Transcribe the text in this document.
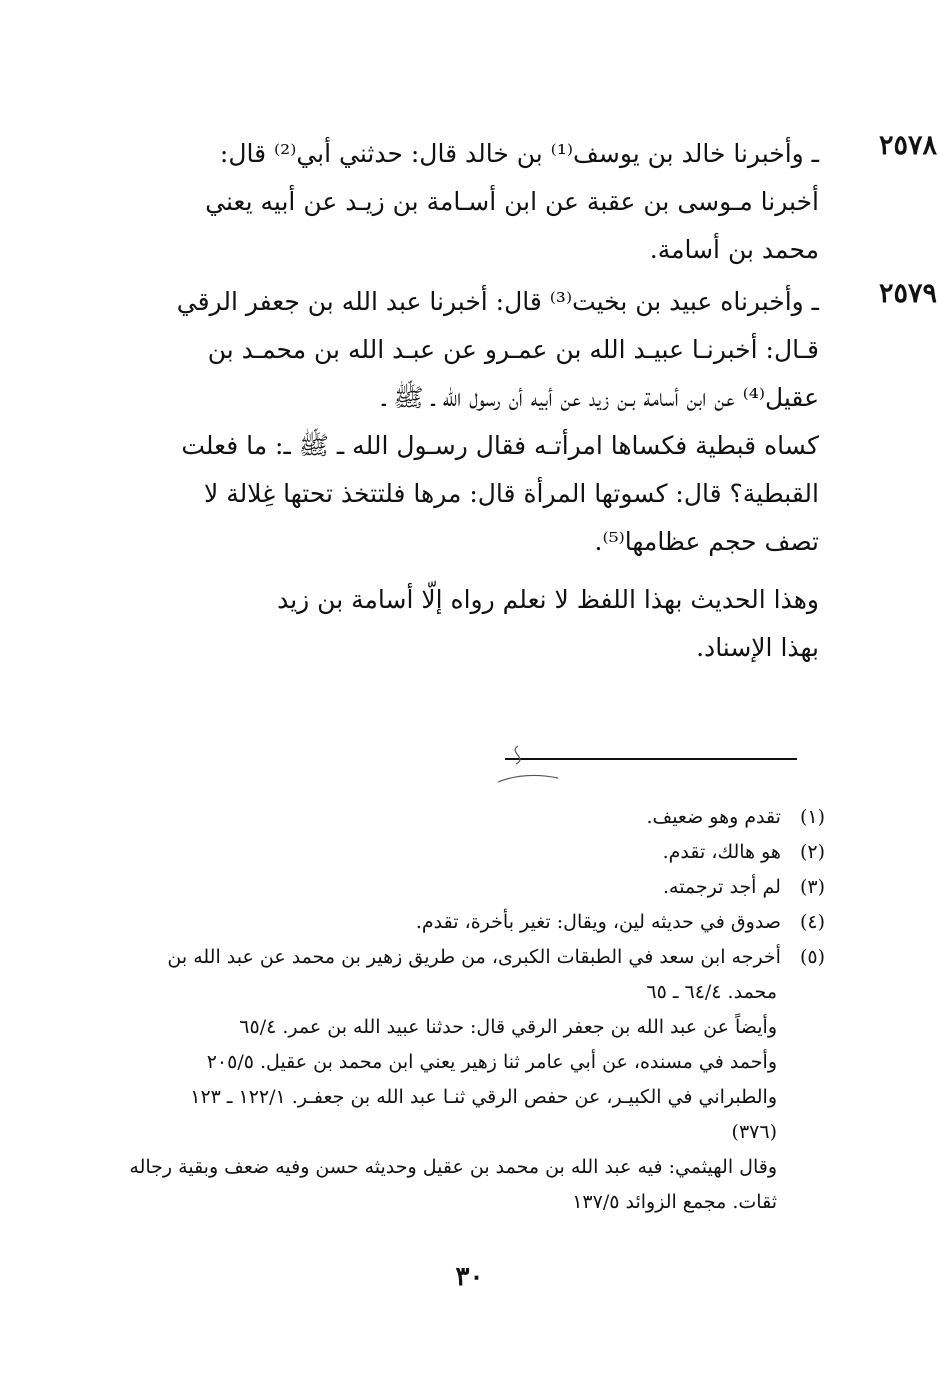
٢٥٧٨
ـ وأخبرنا خالد بن يوسف⁽¹⁾ بن خالد قال: حدثني أبي⁽²⁾ قال:
أخبرنا مـوسى بن عقبة عن ابن أسـامة بن زيـد عن أبيه يعني
محمد بن أسامة.
٢٥٧٩
ـ وأخبرناه عبيد بن بخيت⁽³⁾ قال: أخبرنا عبد الله بن جعفر الرقي
قـال: أخبرنـا عبيـد الله بن عمـرو عن عبـد الله بن محمـد بن
عقيل⁽⁴⁾ عن ابن أسامة بـن زيد عن أبيه أن رسول الله ـ ﷺ ـ
كساه قبطية فكساها امرأتـه فقال رسـول الله ـ ﷺ ـ: ما فعلت
القبطية؟ قال: كسوتها المرأة قال: مرها فلتتخذ تحتها غِلالة لا
تصف حجم عظامها⁽⁵⁾.
وهذا الحديث بهذا اللفظ لا نعلم رواه إلّا أسامة بن زيد
بهذا الإسناد.
(١) تقدم وهو ضعيف.
(٢) هو هالك، تقدم.
(٣) لم أجد ترجمته.
(٤) صدوق في حديثه لين، ويقال: تغير بأخرة، تقدم.
(٥) أخرجه ابن سعد في الطبقات الكبرى، من طريق زهير بن محمد عن عبد الله بن
محمد. ٦٤/٤ ـ ٦٥
وأيضاً عن عبد الله بن جعفر الرقي قال: حدثنا عبيد الله بن عمر. ٦٥/٤
وأحمد في مسنده، عن أبي عامر ثنا زهير يعني ابن محمد بن عقيل. ٢٠٥/٥
والطبراني في الكبيـر، عن حفص الرقي ثنـا عبد الله بن جعفـر. ١٢٢/١ ـ ١٢٣
(٣٧٦)
وقال الهيثمي: فيه عبد الله بن محمد بن عقيل وحديثه حسن وفيه ضعف وبقية رجاله
ثقات. مجمع الزوائد ١٣٧/٥
٣٠
